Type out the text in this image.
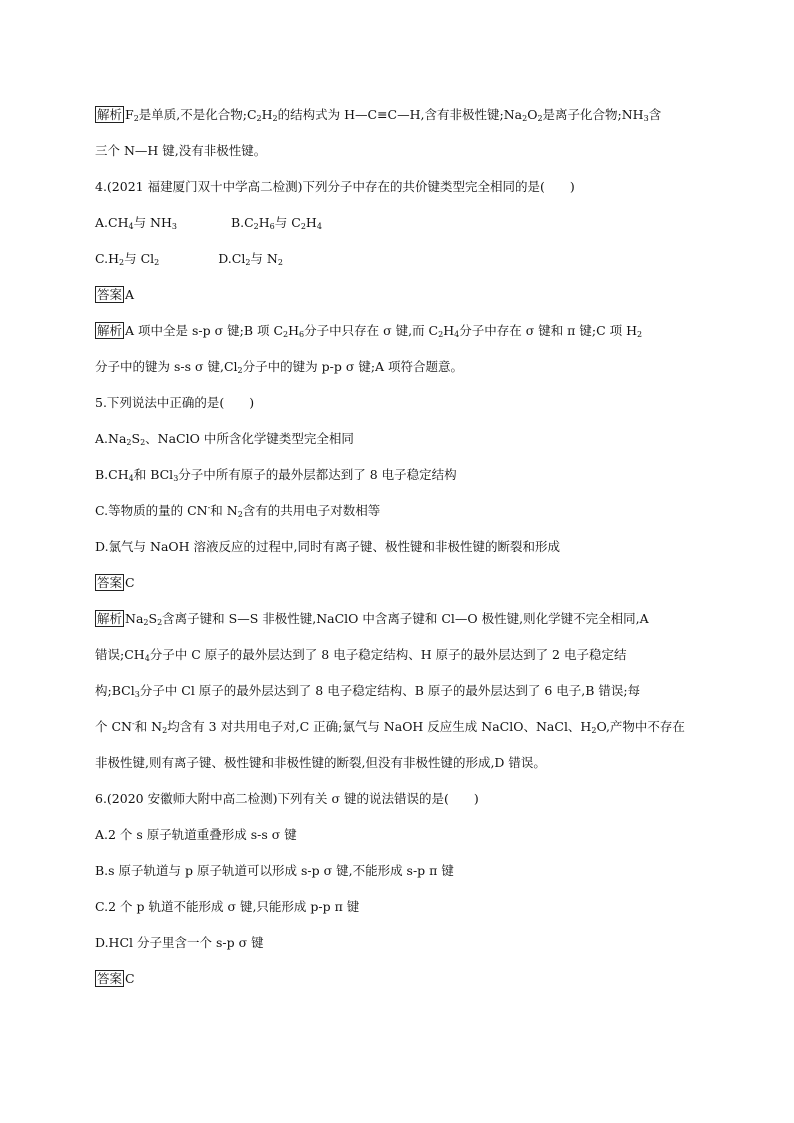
解析 $F_2$是单质,不是化合物$;C_2H_2$的结构式为 H—C≡C—H,含有非极性键$;Na_2O_2$是离子化合物$;NH_3$含
三个 N—H 键,没有非极性键。
4.(2021 福建厦门双十中学高二检测)下列分子中存在的共价键类型完全相同的是(　　)
$A.CH_4$与 $NH_3$	$B.C_2H_6$与 $C_2H_4$
$C.H_2$与 $Cl_2$	$D.Cl_2$与 $N_2$
答案 A
解析 A 项中全是 s-p σ 键;B 项 $C_2H_6$分子中只存在 σ 键,而 $C_2H_4$分子中存在 σ 键和 π 键;C 项 $H_2$
分子中的键为 s-s σ 键$,Cl_2$分子中的键为 p-p σ 键;A 项符合题意。
5.下列说法中正确的是(　　)
$A.Na_2S_2$、NaClO 中所含化学键类型完全相同
$B.CH_4$和 BCl$_3$分子中所有原子的最外层都达到了 8 电子稳定结构
C.等物质的量的 CN-和 $N_2$含有的共用电子对数相等
D.氯气与 NaOH 溶液反应的过程中,同时有离子键、极性键和非极性键的断裂和形成
答案 C
解析 $Na_2S_2$含离子键和 S—S 非极性键,NaClO 中含离子键和 Cl—O 极性键,则化学键不完全相同,A
错误$;CH_4$分子中 C 原子的最外层达到了 8 电子稳定结构、H 原子的最外层达到了 2 电子稳定结
构;BCl$_3$分子中 Cl 原子的最外层达到了 8 电子稳定结构、B 原子的最外层达到了 6 电子,B 错误;每
个 CN-和 $N_2$均含有 3 对共用电子对,C 正确;氯气与 NaOH 反应生成 NaClO、NaCl、$H_2O$,产物中不存在
非极性键,则有离子键、极性键和非极性键的断裂,但没有非极性键的形成,D 错误。
6.(2020 安徽师大附中高二检测)下列有关 σ 键的说法错误的是(　　)
A.2 个 s 原子轨道重叠形成 s-s σ 键
B.s 原子轨道与 p 原子轨道可以形成 s-p σ 键,不能形成 s-p π 键
C.2 个 p 轨道不能形成 σ 键,只能形成 p-p π 键
D.HCl 分子里含一个 s-p σ 键
答案 C
